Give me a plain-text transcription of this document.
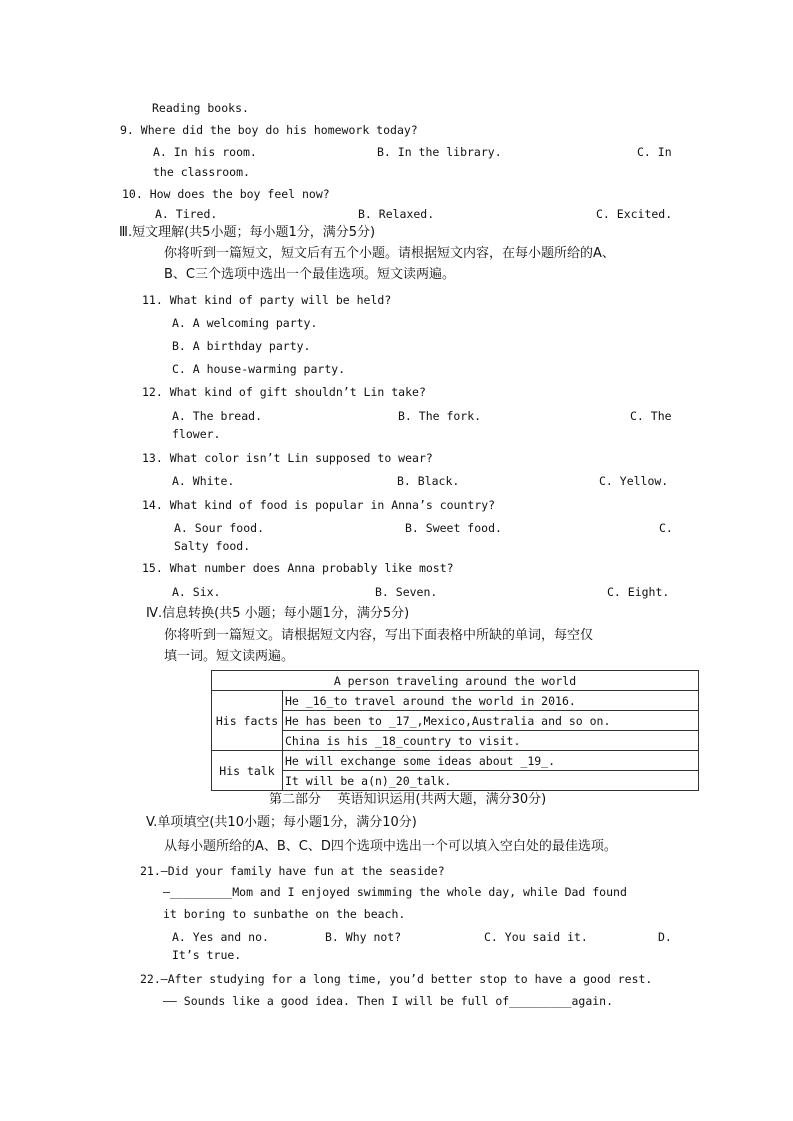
Reading books.
9. Where did the boy do his homework today?
A. In his room.	B. In the library.	C. In
the classroom.
10. How does the boy feel now?
A. Tired.	B. Relaxed.	C. Excited.
Ⅲ.短文理解(共5小题；每小题1分，满分5分)
你将听到一篇短文，短文后有五个小题。请根据短文内容，在每小题所给的A、
B、C三个选项中选出一个最佳选项。短文读两遍。
11. What kind of party will be held?
A. A welcoming party.
B. A birthday party.
C. A house-warming party.
12. What kind of gift shouldn’t Lin take?
A. The bread.	B. The fork.	C. The
flower.
13. What color isn’t Lin supposed to wear?
A. White.	B. Black.	C. Yellow.
14. What kind of food is popular in Anna’s country?
A. Sour food.	B. Sweet food.	C.
Salty food.
15. What number does Anna probably like most?
A. Six.	B. Seven.	C. Eight.
Ⅳ.信息转换(共5 小题；每小题1分，满分5分)
你将听到一篇短文。请根据短文内容，写出下面表格中所缺的单词，每空仅
填一词。短文读两遍。
A person traveling around the world	
His facts	He _16_to travel around the world in 2016.
	He has been to _17_,Mexico,Australia and so on.
	China is his _18_country to visit.
His talk	He will exchange some ideas about _19_.
	It will be a(n)_20_talk.
第二部分    英语知识运用(共两大题，满分30分)
V.单项填空(共10小题；每小题1分，满分10分)
从每小题所给的A、B、C、D四个选项中选出一个可以填入空白处的最佳选项。
21.—Did your family have fun at the seaside?
—_________Mom and I enjoyed swimming the whole day, while Dad found
it boring to sunbathe on the beach.
A. Yes and no.	B. Why not?	C. You said it.	D.
It’s true.
22.—After studying for a long time, you’d better stop to have a good rest.
—— Sounds like a good idea. Then I will be full of_________again.
